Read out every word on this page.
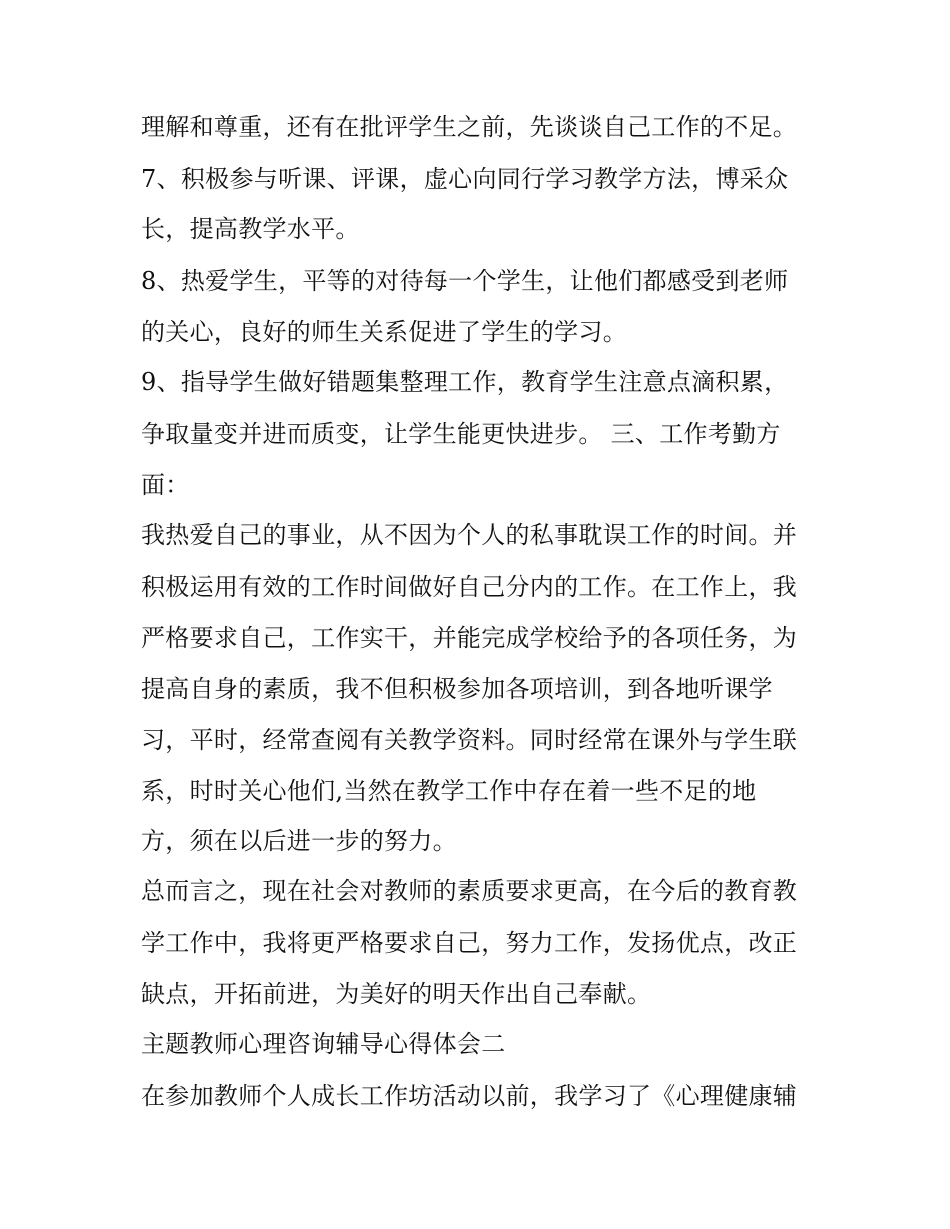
理解和尊重，还有在批评学生之前，先谈谈自己工作的不足。
7、积极参与听课、评课，虚心向同行学习教学方法，博采众
长，提高教学水平。
8、热爱学生，平等的对待每一个学生，让他们都感受到老师
的关心，良好的师生关系促进了学生的学习。
9、指导学生做好错题集整理工作，教育学生注意点滴积累，
争取量变并进而质变，让学生能更快进步。 三、工作考勤方
面：
我热爱自己的事业，从不因为个人的私事耽误工作的时间。并
积极运用有效的工作时间做好自己分内的工作。在工作上，我
严格要求自己，工作实干，并能完成学校给予的各项任务，为
提高自身的素质，我不但积极参加各项培训，到各地听课学
习，平时，经常查阅有关教学资料。同时经常在课外与学生联
系，时时关心他们,当然在教学工作中存在着一些不足的地
方，须在以后进一步的努力。
总而言之，现在社会对教师的素质要求更高，在今后的教育教
学工作中，我将更严格要求自己，努力工作，发扬优点，改正
缺点，开拓前进，为美好的明天作出自己奉献。
主题教师心理咨询辅导心得体会二
在参加教师个人成长工作坊活动以前，我学习了《心理健康辅
